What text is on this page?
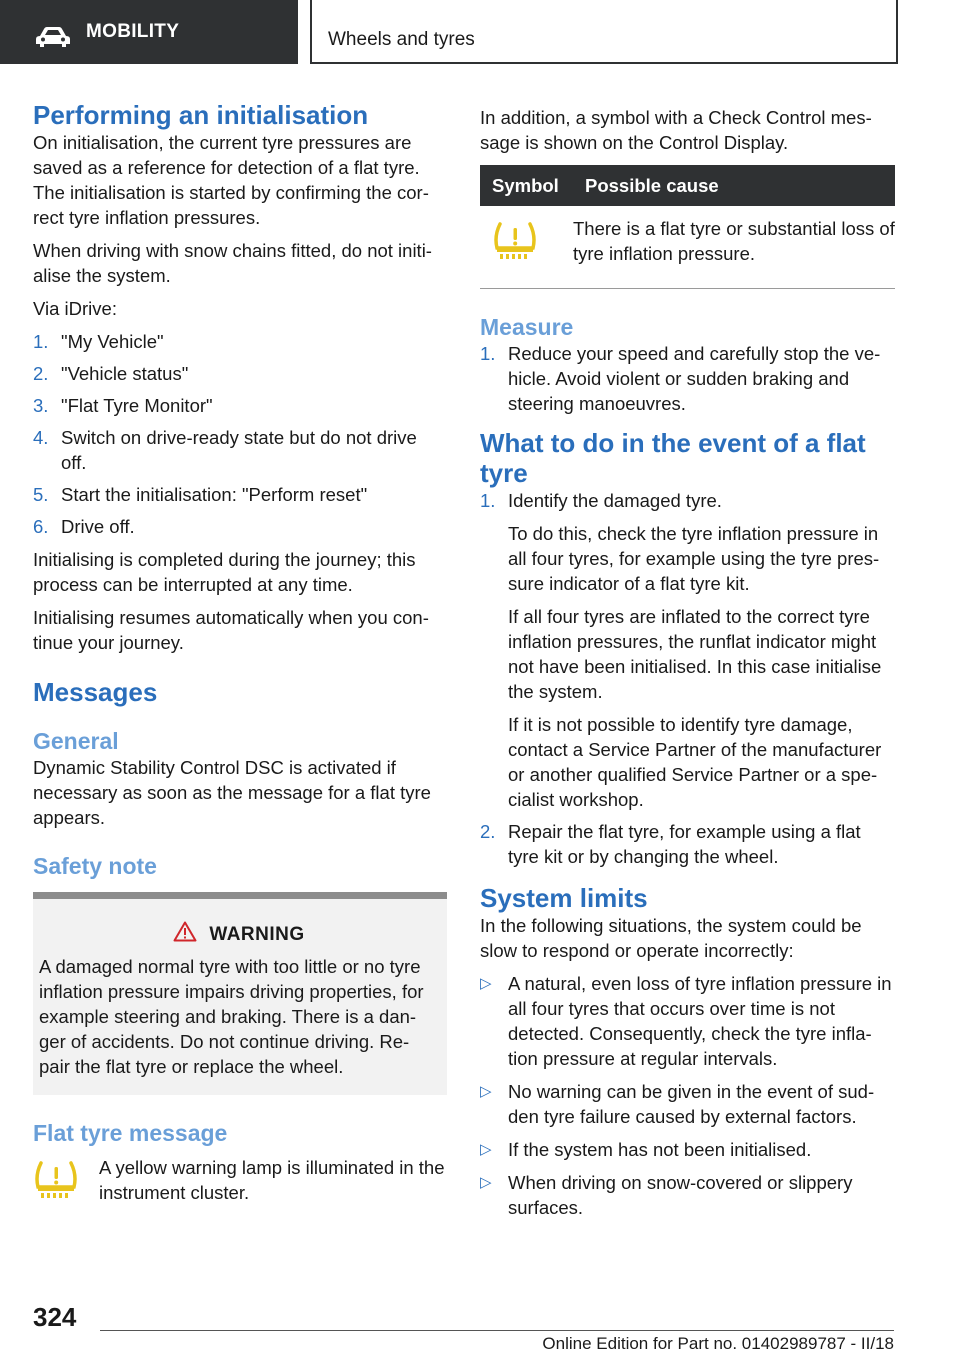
MOBILITY	Wheels and tyres
Performing an initialisation

On initialisation, the current tyre pressures are saved as a reference for detection of a flat tyre. The initialisation is started by confirming the cor- rect tyre inflation pressures.

When driving with snow chains fitted, do not initi- alise the system.

Via iDrive:

1. "My Vehicle"
2. "Vehicle status"
3. "Flat Tyre Monitor"
4. Switch on drive-ready state but do not drive off.
5. Start the initialisation: "Perform reset"
6. Drive off.

Initialising is completed during the journey; this process can be interrupted at any time.

Initialising resumes automatically when you con- tinue your journey.

Messages
General

Dynamic Stability Control DSC is activated if necessary as soon as the message for a flat tyre appears.

Safety note
WARNING
A damaged normal tyre with too little or no tyre inflation pressure impairs driving properties, for example steering and braking. There is a dan- ger of accidents. Do not continue driving. Re- pair the flat tyre or replace the wheel.
Flat tyre message
A yellow warning lamp is illuminated in the instrument cluster.

In addition, a symbol with a Check Control mes- sage is shown on the Control Display.

Symbol	Possible cause
	There is a flat tyre or substantial loss of tyre inflation pressure.
Measure
1. Reduce your speed and carefully stop the ve- hicle. Avoid violent or sudden braking and steering manoeuvres.
What to do in the event of a flat tyre
1. Identify the damaged tyre.

To do this, check the tyre inflation pressure in all four tyres, for example using the tyre pres- sure indicator of a flat tyre kit.

If all four tyres are inflated to the correct tyre inflation pressures, the runflat indicator might not have been initialised. In this case initialise the system.

If it is not possible to identify tyre damage, contact a Service Partner of the manufacturer or another qualified Service Partner or a spe- cialist workshop.

2. Repair the flat tyre, for example using a flat tyre kit or by changing the wheel.
System limits

In the following situations, the system could be slow to respond or operate incorrectly:

▷ A natural, even loss of tyre inflation pressure in all four tyres that occurs over time is not detected. Consequently, check the tyre infla- tion pressure at regular intervals.
▷ No warning can be given in the event of sud- den tyre failure caused by external factors.
▷ If the system has not been initialised.
▷ When driving on snow-covered or slippery surfaces.
324
Online Edition for Part no. 01402989787 - II/18
